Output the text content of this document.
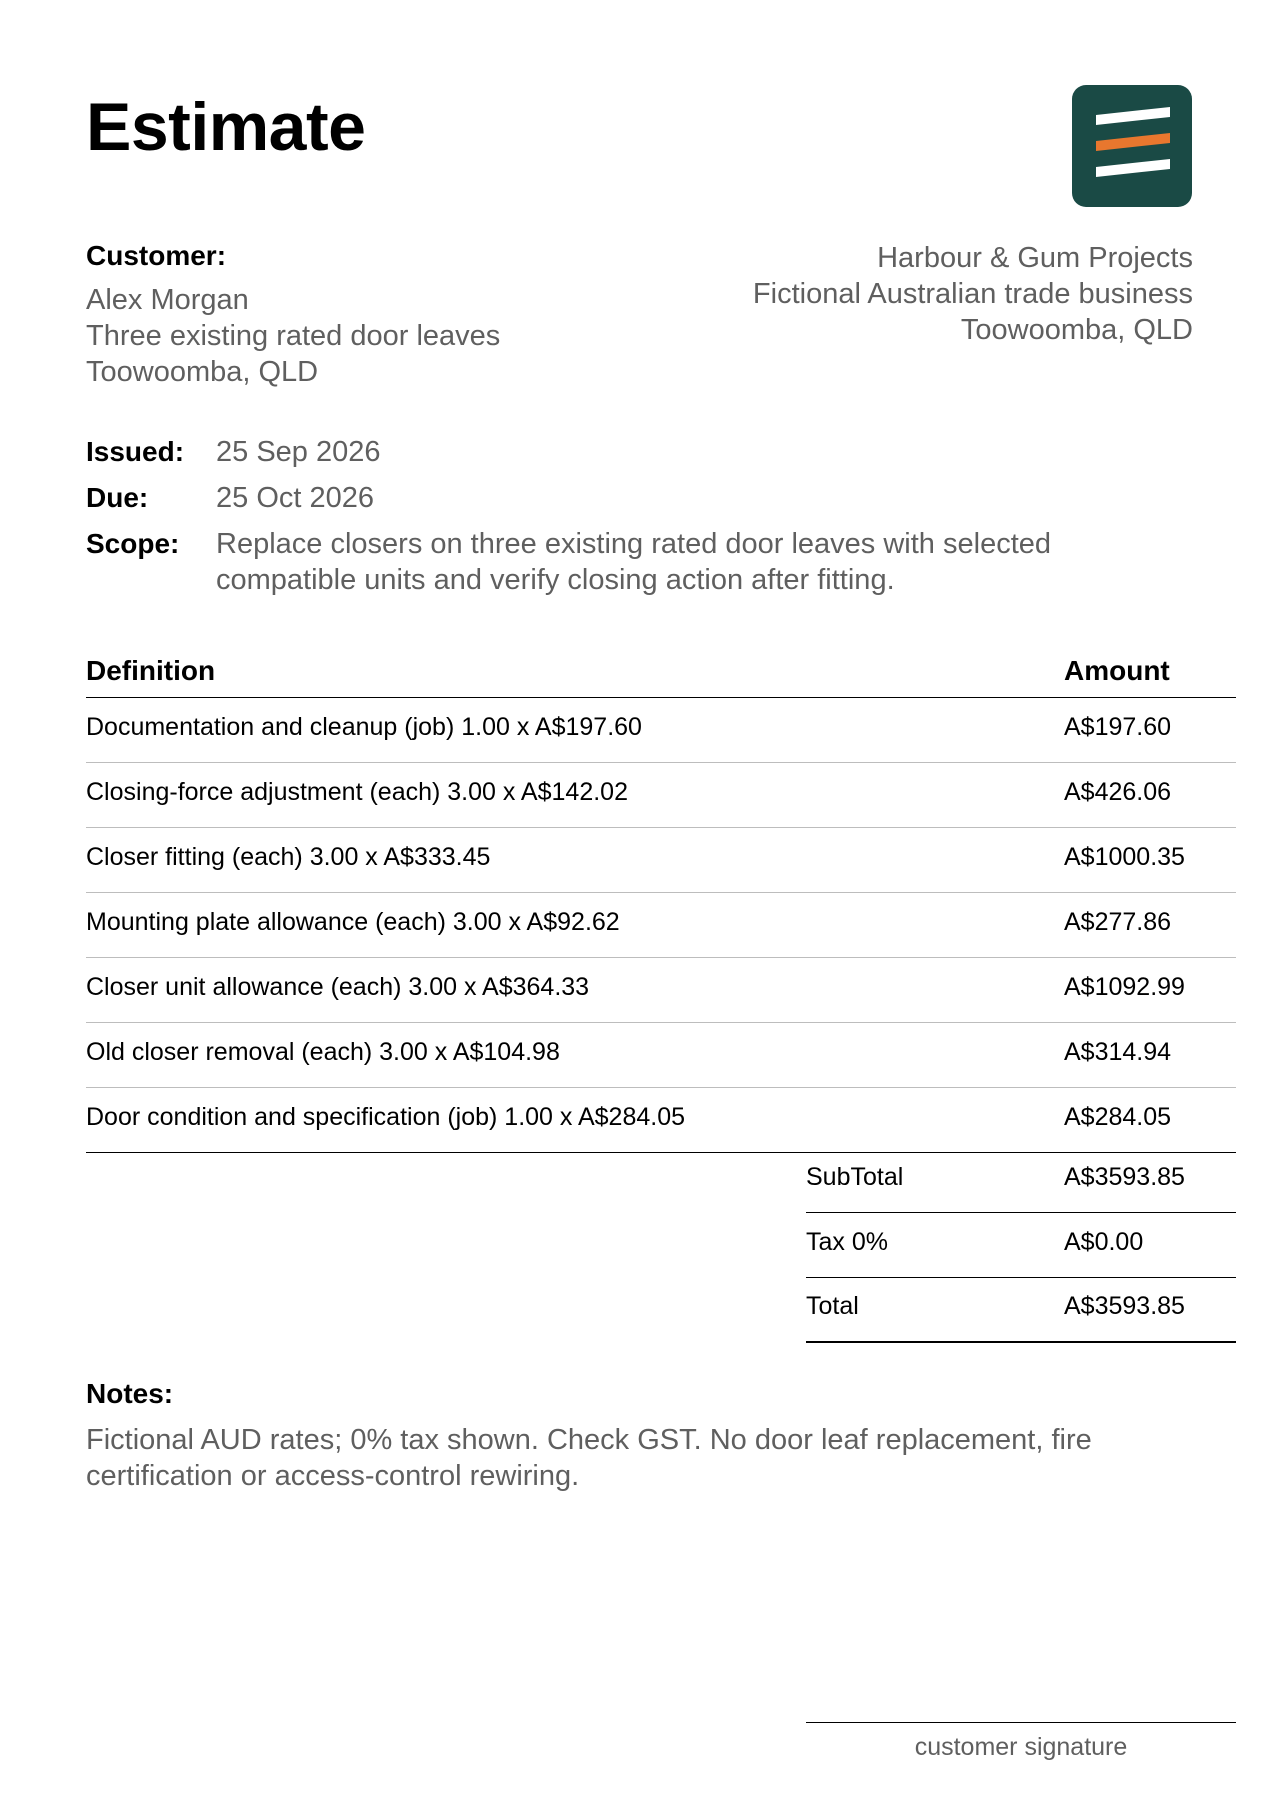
Estimate
Customer:
Alex Morgan
Three existing rated door leaves
Toowoomba, QLD
Harbour & Gum Projects
Fictional Australian trade business
Toowoomba, QLD
Issued:	25 Sep 2026
Due:	25 Oct 2026
Scope:	Replace closers on three existing rated door leaves with selected
compatible units and verify closing action after fitting.
Definition	Amount
Documentation and cleanup (job) 1.00 x A$197.60	A$197.60
Closing-force adjustment (each) 3.00 x A$142.02	A$426.06
Closer fitting (each) 3.00 x A$333.45	A$1000.35
Mounting plate allowance (each) 3.00 x A$92.62	A$277.86
Closer unit allowance (each) 3.00 x A$364.33	A$1092.99
Old closer removal (each) 3.00 x A$104.98	A$314.94
Door condition and specification (job) 1.00 x A$284.05	A$284.05
SubTotal	A$3593.85
Tax 0%	A$0.00
Total	A$3593.85
Notes:
Fictional AUD rates; 0% tax shown. Check GST. No door leaf replacement, fire
certification or access-control rewiring.
customer signature
